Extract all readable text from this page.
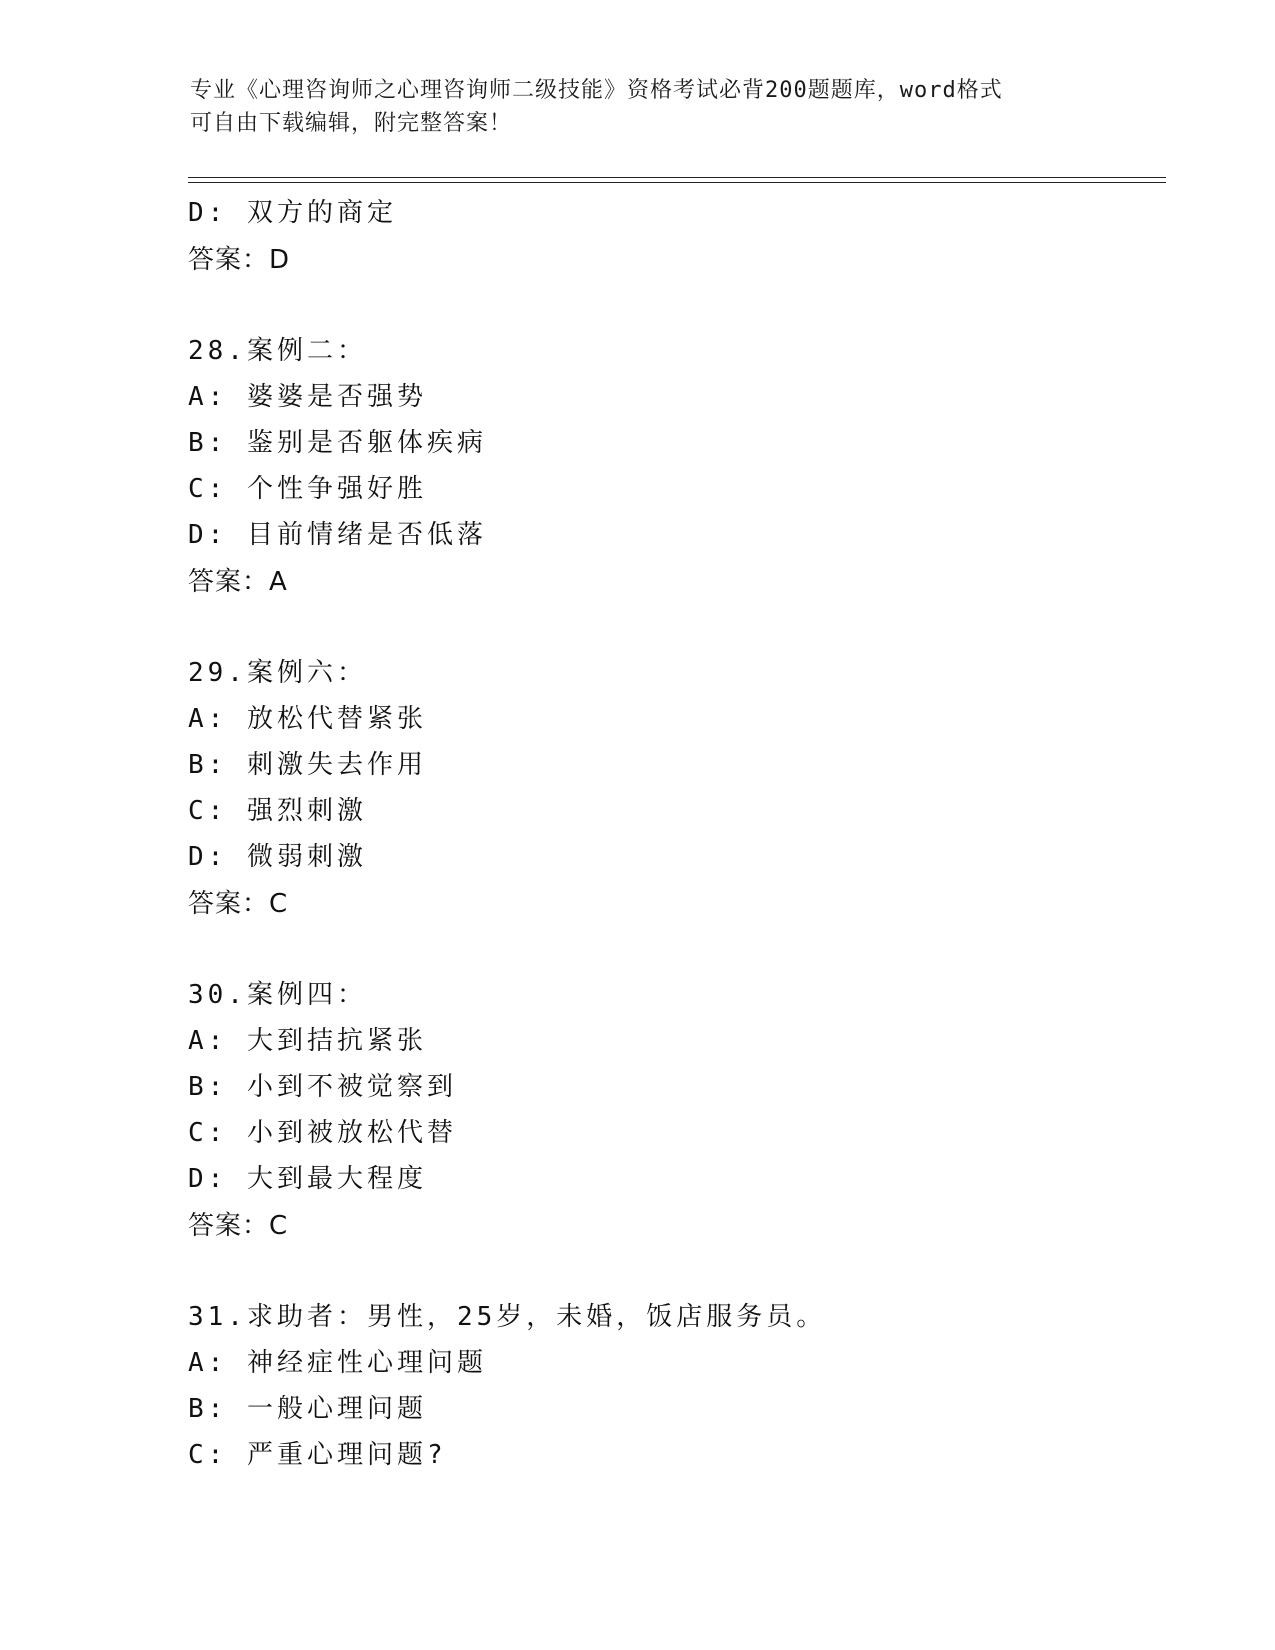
专业《心理咨询师之心理咨询师二级技能》资格考试必背200题题库，word格式
可自由下载编辑，附完整答案！
D: 双方的商定
答案：D
28.案例二：
A: 婆婆是否强势
B: 鉴别是否躯体疾病
C: 个性争强好胜
D: 目前情绪是否低落
答案：A
29.案例六：
A: 放松代替紧张
B: 刺激失去作用
C: 强烈刺激
D: 微弱刺激
答案：C
30.案例四：
A: 大到拮抗紧张
B: 小到不被觉察到
C: 小到被放松代替
D: 大到最大程度
答案：C
31.求助者：男性，25岁，未婚，饭店服务员。
A: 神经症性心理问题
B: 一般心理问题
C: 严重心理问题?
